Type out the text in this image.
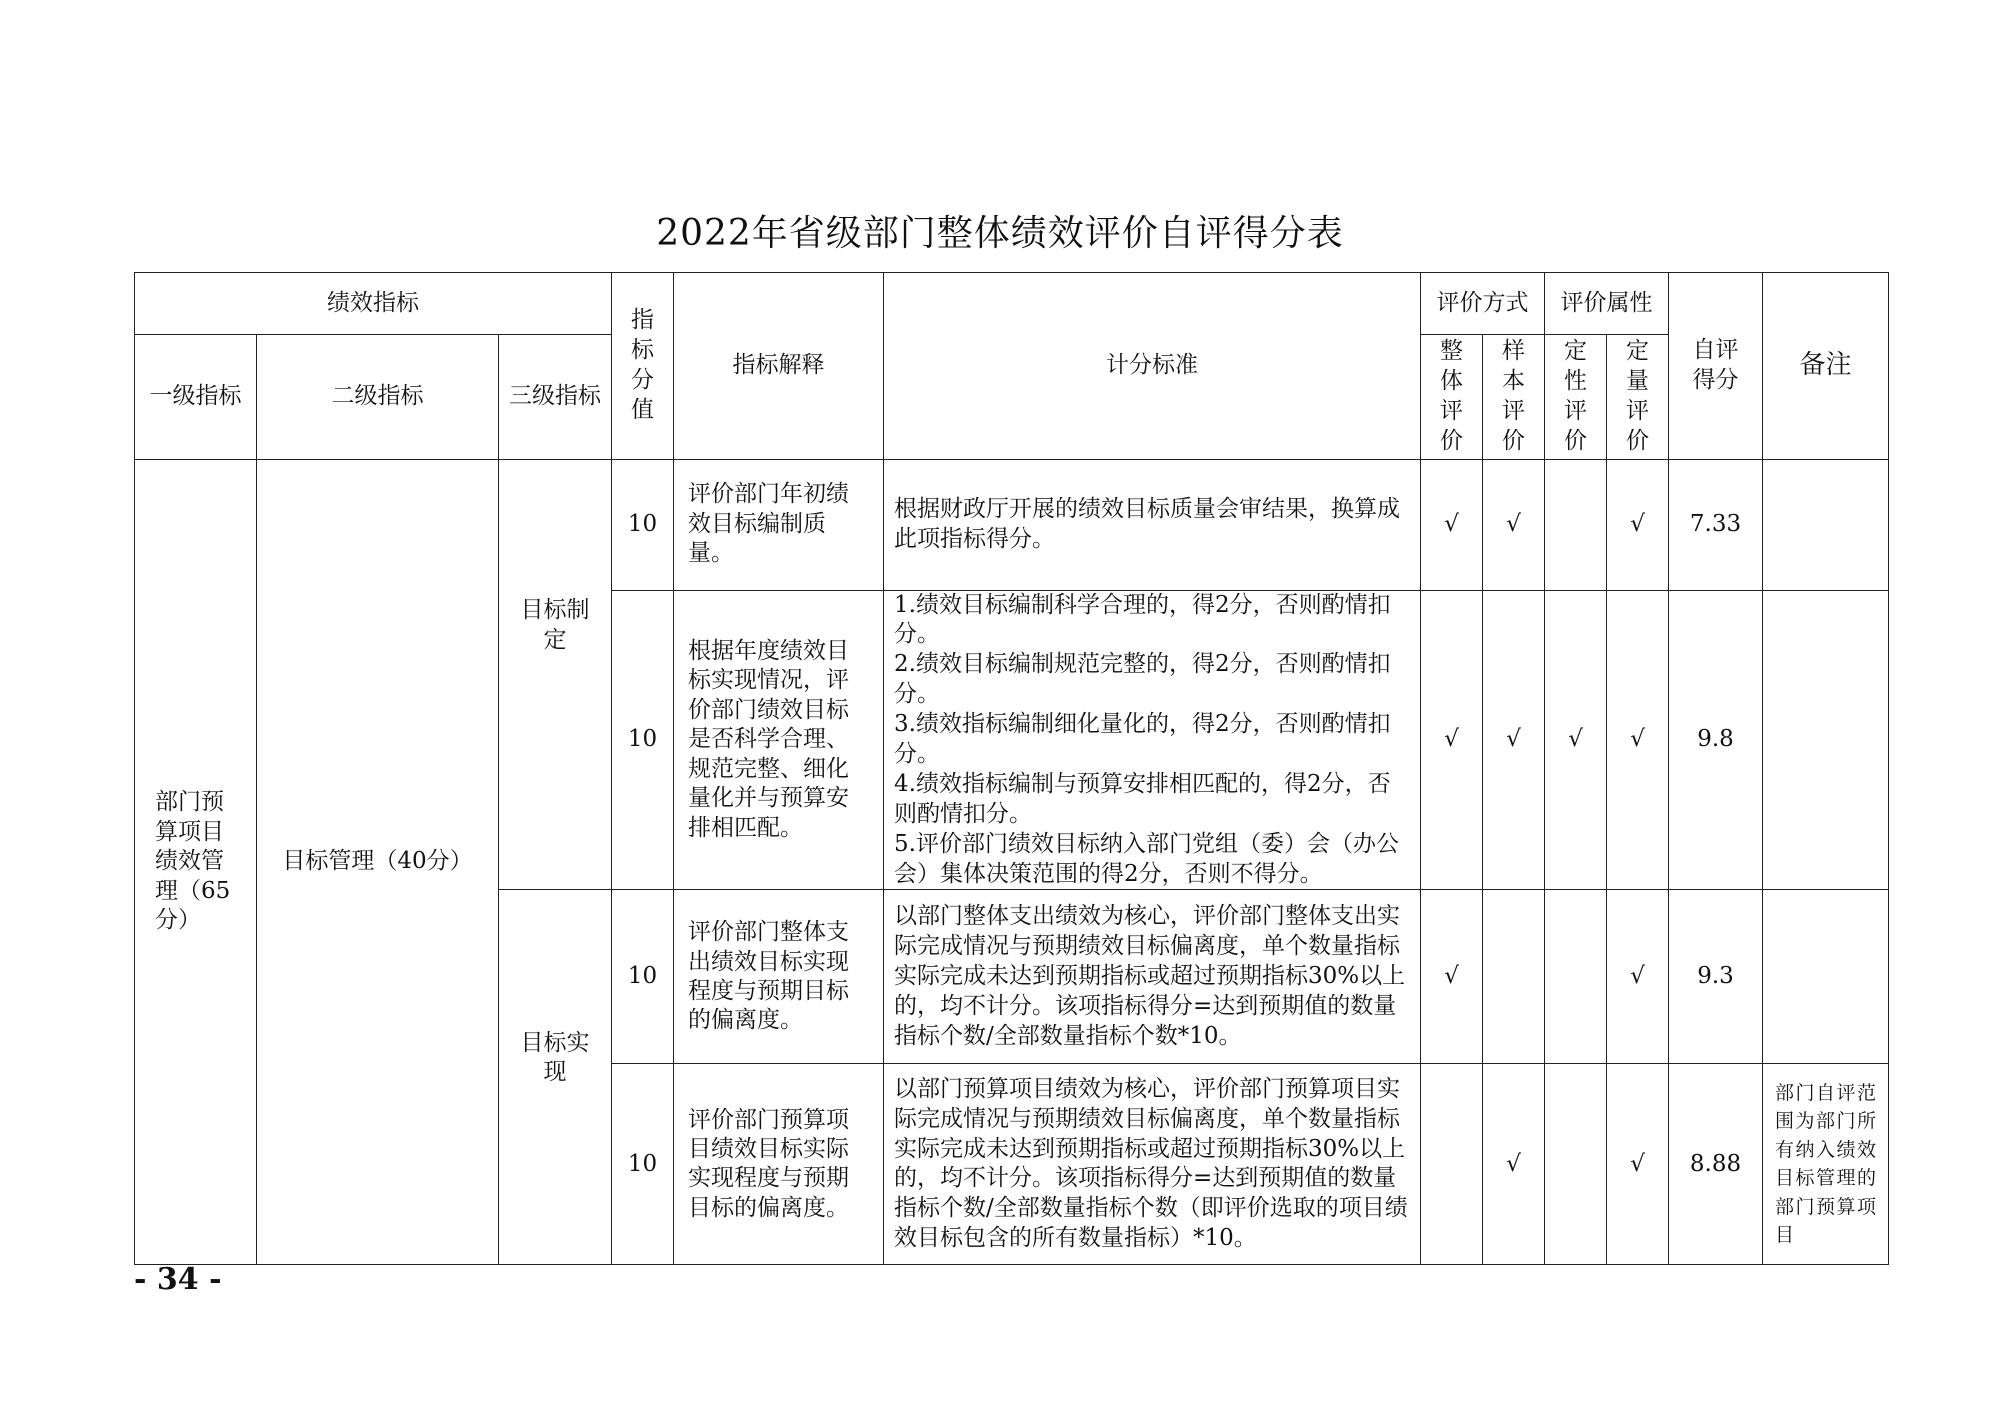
2022年省级部门整体绩效评价自评得分表
绩效指标			指标分值	指标解释	计分标准	评价方式		评价属性		自评得分	备注
一级指标	二级指标	三级指标				整体评价	样本评价	定性评价	定量评价		
部门预算项目绩效管理（65分）	目标管理（40分）	目标制定	10	评价部门年初绩效目标编制质量。	根据财政厅开展的绩效目标质量会审结果，换算成此项指标得分。	√	√		√	7.33	
			10	根据年度绩效目标实现情况，评价部门绩效目标是否科学合理、规范完整、细化量化并与预算安排相匹配。	1.绩效目标编制科学合理的，得2分，否则酌情扣分。
2.绩效目标编制规范完整的，得2分，否则酌情扣分。
3.绩效指标编制细化量化的，得2分，否则酌情扣分。
4.绩效指标编制与预算安排相匹配的，得2分，否则酌情扣分。
5.评价部门绩效目标纳入部门党组（委）会（办公会）集体决策范围的得2分，否则不得分。	√	√	√	√	9.8	
		目标实现	10	评价部门整体支出绩效目标实现程度与预期目标的偏离度。	以部门整体支出绩效为核心，评价部门整体支出实际完成情况与预期绩效目标偏离度，单个数量指标实际完成未达到预期指标或超过预期指标30%以上的，均不计分。该项指标得分=达到预期值的数量指标个数/全部数量指标个数*10。	√			√	9.3	
			10	评价部门预算项目绩效目标实际实现程度与预期目标的偏离度。	以部门预算项目绩效为核心，评价部门预算项目实际完成情况与预期绩效目标偏离度，单个数量指标实际完成未达到预期指标或超过预期指标30%以上的，均不计分。该项指标得分=达到预期值的数量指标个数/全部数量指标个数（即评价选取的项目绩效目标包含的所有数量指标）*10。		√		√	8.88	部门自评范围为部门所有纳入绩效目标管理的部门预算项目
- 34 -
